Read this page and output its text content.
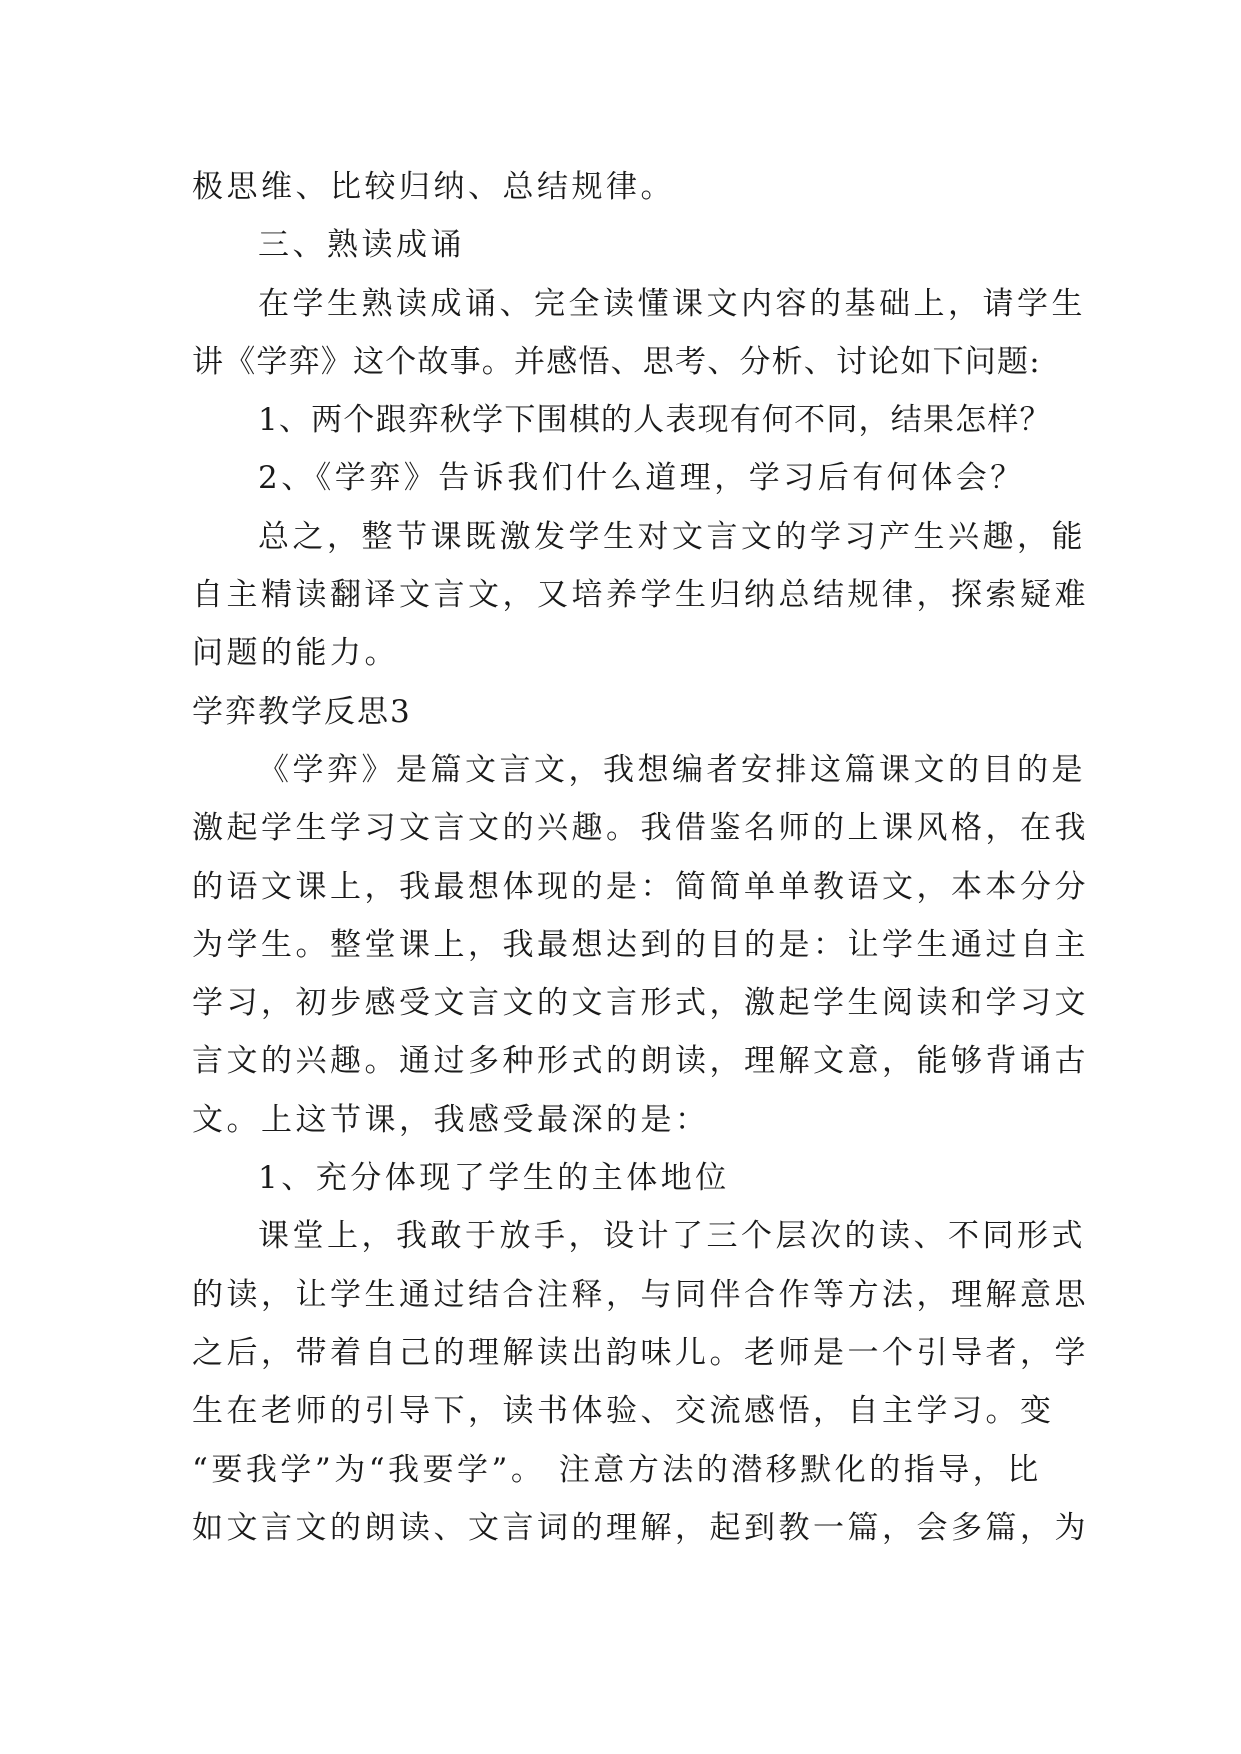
极思维、比较归纳、总结规律。
三、熟读成诵
在学生熟读成诵、完全读懂课文内容的基础上，请学生
讲《学弈》这个故事。并感悟、思考、分析、讨论如下问题:
1、两个跟弈秋学下围棋的人表现有何不同，结果怎样？
2、《学弈》告诉我们什么道理，学习后有何体会？
总之，整节课既激发学生对文言文的学习产生兴趣，能
自主精读翻译文言文，又培养学生归纳总结规律，探索疑难
问题的能力。
学弈教学反思3
《学弈》是篇文言文，我想编者安排这篇课文的目的是
激起学生学习文言文的兴趣。我借鉴名师的上课风格，在我
的语文课上，我最想体现的是：简简单单教语文，本本分分
为学生。整堂课上，我最想达到的目的是：让学生通过自主
学习，初步感受文言文的文言形式，激起学生阅读和学习文
言文的兴趣。通过多种形式的朗读，理解文意，能够背诵古
文。上这节课，我感受最深的是：
1、充分体现了学生的主体地位
课堂上，我敢于放手，设计了三个层次的读、不同形式
的读，让学生通过结合注释，与同伴合作等方法，理解意思
之后，带着自己的理解读出韵味儿。老师是一个引导者，学
生在老师的引导下，读书体验、交流感悟，自主学习。变
“要我学”为“我要学”。 注意方法的潜移默化的指导，比
如文言文的朗读、文言词的理解，起到教一篇，会多篇，为
